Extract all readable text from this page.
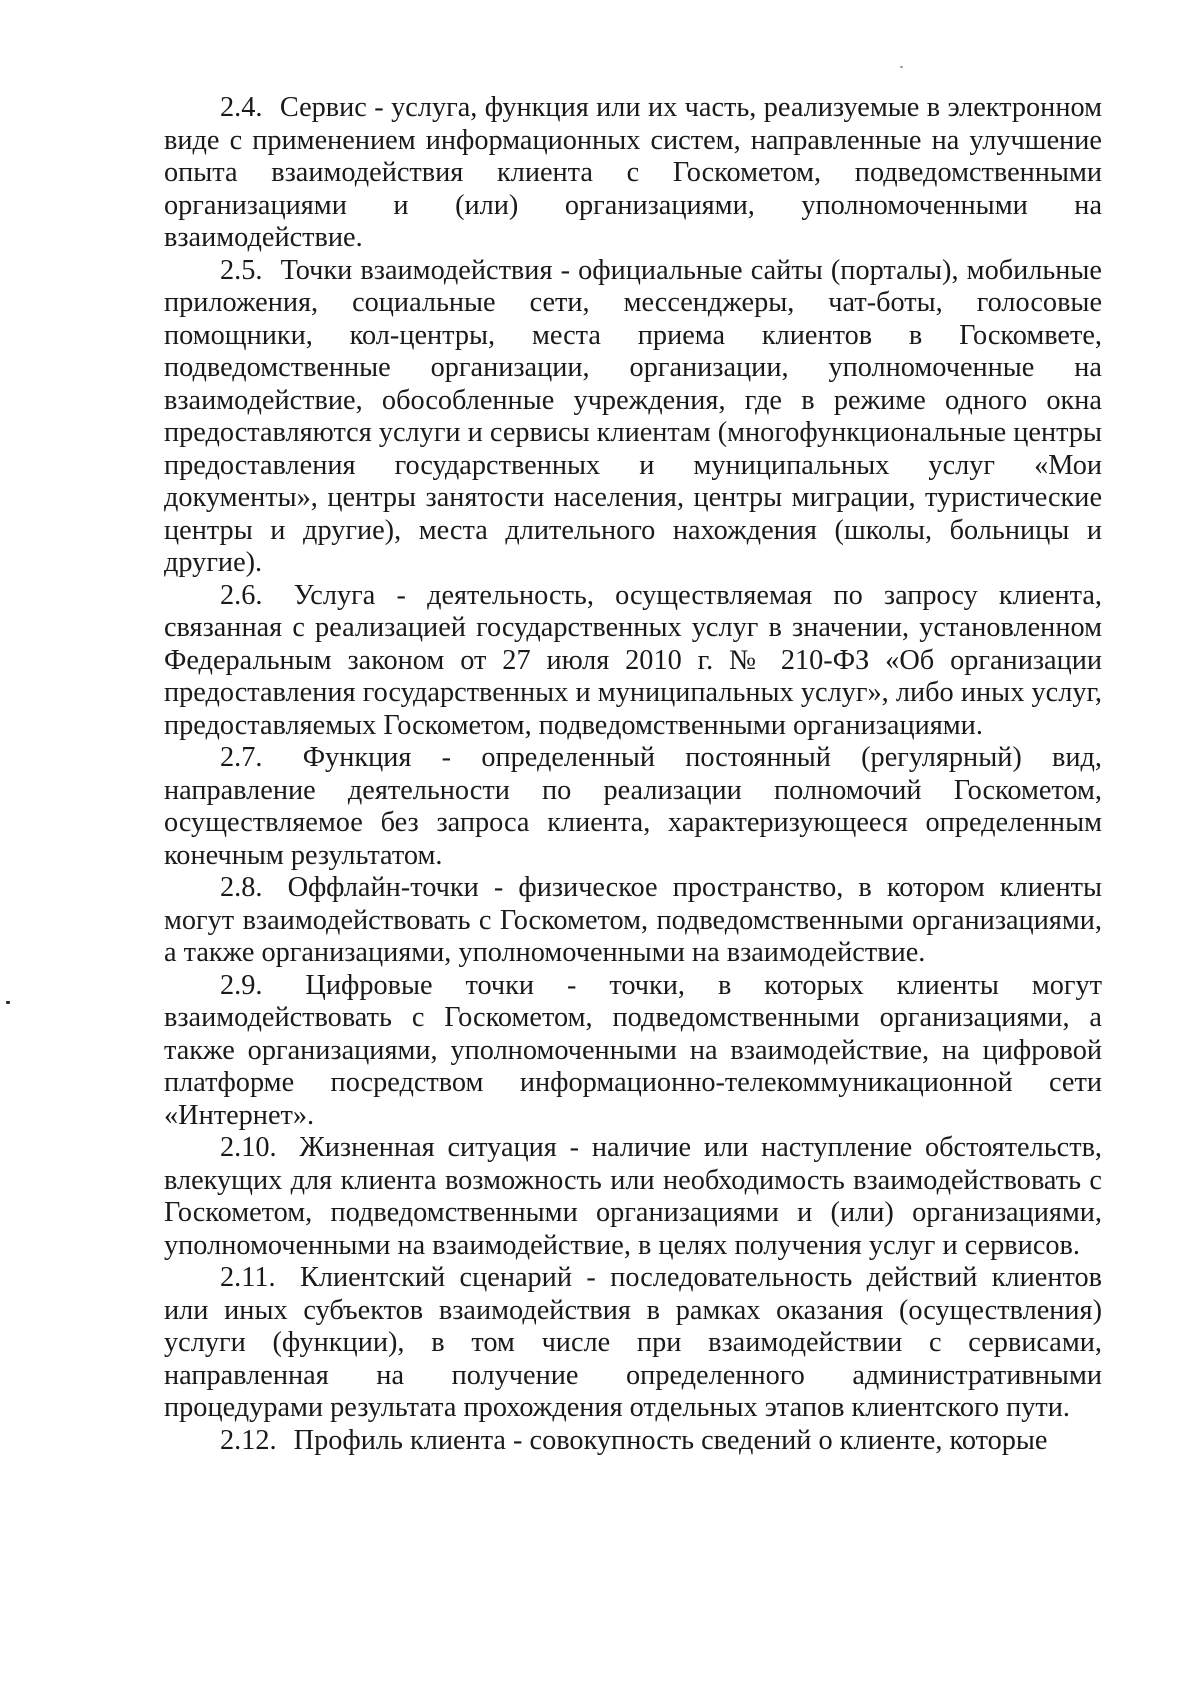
2.4. Сервис - услуга, функция или их часть, реализуемые в электронном виде с применением информационных систем, направленные на улучшение опыта взаимодействия клиента с Госкометом, подведомственными организациями и (или) организациями, уполномоченными на взаимодействие.

2.5. Точки взаимодействия - официальные сайты (порталы), мобильные приложения, социальные сети, мессенджеры, чат-боты, голосовые помощники, кол-центры, места приема клиентов в Госкомвете, подведомственные организации, организации, уполномоченные на взаимодействие, обособленные учреждения, где в режиме одного окна предоставляются услуги и сервисы клиентам (многофункциональные центры предоставления государственных и муниципальных услуг «Мои документы», центры занятости населения, центры миграции, туристические центры и другие), места длительного нахождения (школы, больницы и другие).

2.6. Услуга - деятельность, осуществляемая по запросу клиента, связанная с реализацией государственных услуг в значении, установленном Федеральным законом от 27 июля 2010 г. № 210-ФЗ «Об организации предоставления государственных и муниципальных услуг», либо иных услуг, предоставляемых Госкометом, подведомственными организациями.

2.7. Функция - определенный постоянный (регулярный) вид, направление деятельности по реализации полномочий Госкометом, осуществляемое без запроса клиента, характеризующееся определенным конечным результатом.

2.8. Оффлайн-точки - физическое пространство, в котором клиенты могут взаимодействовать с Госкометом, подведомственными организациями, а также организациями, уполномоченными на взаимодействие.

2.9. Цифровые точки - точки, в которых клиенты могут взаимодействовать с Госкометом, подведомственными организациями, а также организациями, уполномоченными на взаимодействие, на цифровой платформе посредством информационно-телекоммуникационной сети «Интернет».

2.10. Жизненная ситуация - наличие или наступление обстоятельств, влекущих для клиента возможность или необходимость взаимодействовать с Госкометом, подведомственными организациями и (или) организациями, уполномоченными на взаимодействие, в целях получения услуг и сервисов.

2.11. Клиентский сценарий - последовательность действий клиентов или иных субъектов взаимодействия в рамках оказания (осуществления) услуги (функции), в том числе при взаимодействии с сервисами, направленная на получение определенного административными процедурами результата прохождения отдельных этапов клиентского пути.

2.12. Профиль клиента - совокупность сведений о клиенте, которые
